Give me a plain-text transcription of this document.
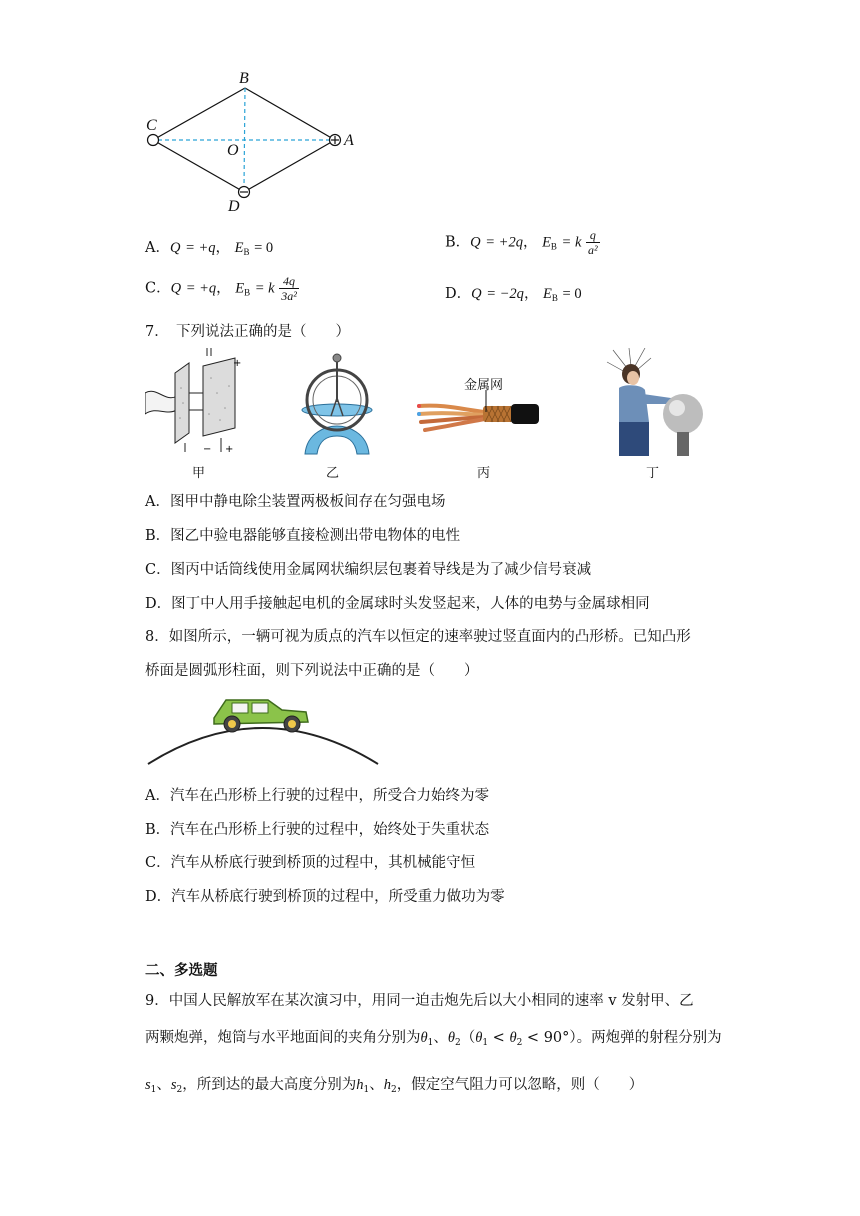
B
C
O
A
D
A．Q = +q， $E_B = 0$	B．Q = +2q， $E_B = k \frac{q}{\text{a²}}$
C．Q = +q， $E_B = k \frac{4q}{\text{3a²}}$	D．Q = −2q， $E_B = 0$
7．　下列说法正确的是（　　）
+
+
−
甲	乙
金属网
丙	丁
A．图甲中静电除尘装置两极板间存在匀强电场
B．图乙中验电器能够直接检测出带电物体的电性
C．图丙中话筒线使用金属网状编织层包裹着导线是为了减少信号衰减
D．图丁中人用手接触起电机的金属球时头发竖起来，人体的电势与金属球相同
8．如图所示，一辆可视为质点的汽车以恒定的速率驶过竖直面内的凸形桥。已知凸形
桥面是圆弧形柱面，则下列说法中正确的是（　　）
A．汽车在凸形桥上行驶的过程中，所受合力始终为零
B．汽车在凸形桥上行驶的过程中，始终处于失重状态
C．汽车从桥底行驶到桥顶的过程中，其机械能守恒
D．汽车从桥底行驶到桥顶的过程中，所受重力做功为零
二、多选题
9．中国人民解放军在某次演习中，用同一迫击炮先后以大小相同的速率 v 发射甲、乙
两颗炮弹，炮筒与水平地面间的夹角分别为$\theta_1$、$\theta_2(\theta_1 < \theta_2 < 90^\circ)$。两炮弹的射程分别为
$s_1$、$s_2$，所到达的最大高度分别为$h_1$、$h_2$，假定空气阻力可以忽略，则（　　）
